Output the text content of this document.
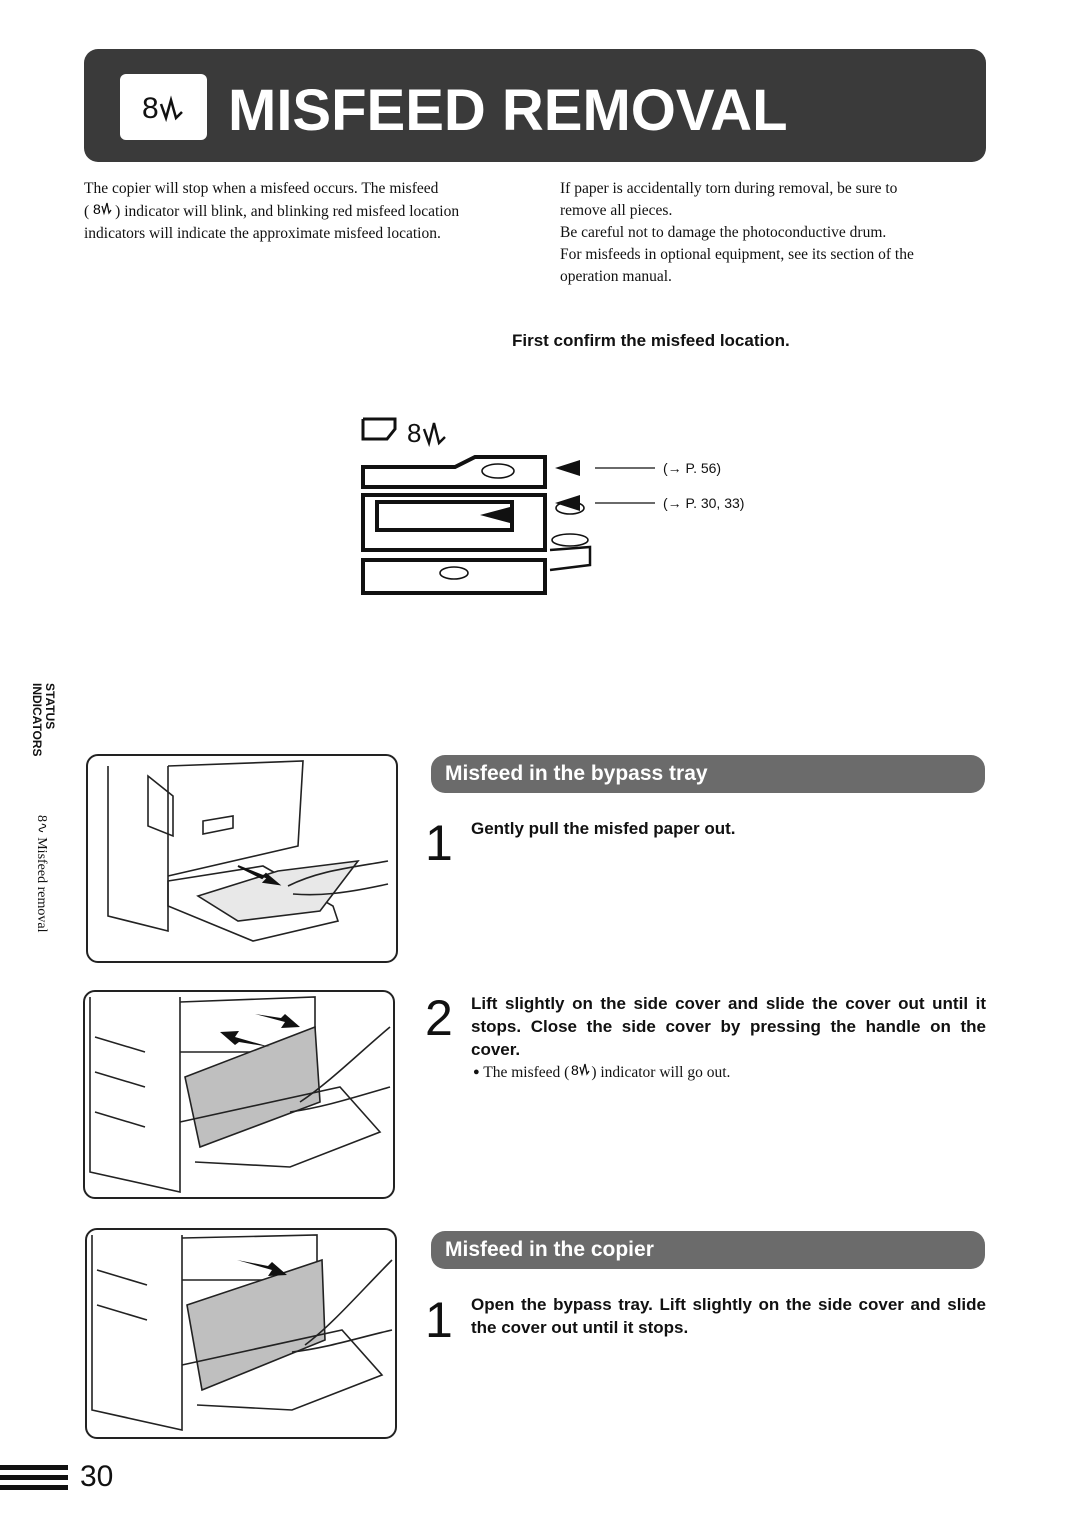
8 MISFEED REMOVAL
The copier will stop when a misfeed occurs. The misfeed
( 8 ) indicator will blink, and blinking red misfeed location
indicators will indicate the approximate misfeed location.
If paper is accidentally torn during removal, be sure to
remove all pieces.
Be careful not to damage the photoconductive drum.
For misfeeds in optional equipment, see its section of the
operation manual.
First confirm the misfeed location.
8
(→ P. 56)
(→ P. 30, 33)
STATUS
INDICATORS
8∿ Misfeed removal
Misfeed in the bypass tray
1 Gently pull the misfed paper out.
2 Lift slightly on the side cover and slide the cover out until it stops. Close the side cover by pressing the handle on the cover.
● The misfeed ( 8 ) indicator will go out.
Misfeed in the copier
1 Open the bypass tray. Lift slightly on the side cover and slide the cover out until it stops.
30
